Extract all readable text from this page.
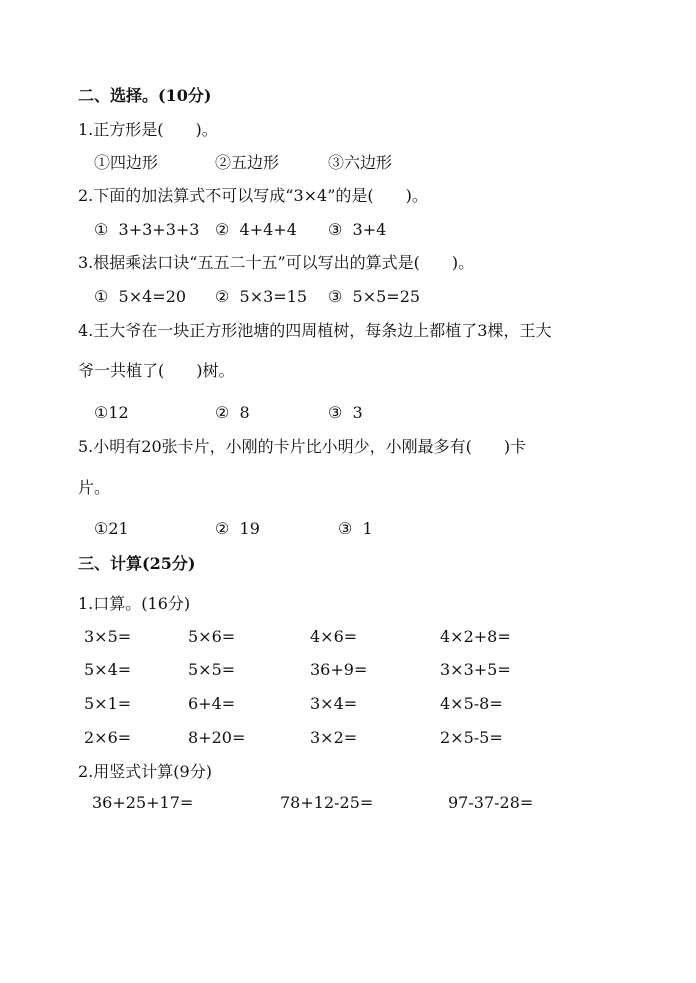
二、选择。(10分)
1.正方形是(　　)。
①四边形	②五边形	③六边形
2.下面的加法算式不可以写成“3×4”的是(　　)。
①  3+3+3+3 ②  4+4+4 ③  3+4
3.根据乘法口诀“五五二十五”可以写出的算式是(　　)。
①  5×4=20 ②  5×3=15 ③  5×5=25
4.王大爷在一块正方形池塘的四周植树，每条边上都植了3棵，王大
爷一共植了(　　)树。
①12	②  8	③  3
5.小明有20张卡片，小刚的卡片比小明少，小刚最多有(　　)卡
片。
①21	②  19	③  1
三、计算(25分)
1.口算。(16分)
3×5=	5×6=	4×6=	4×2+8=
5×4=	5×5=	36+9=	3×3+5=
5×1=	6+4=	3×4=	4×5-8=
2×6=	8+20=	3×2=	2×5-5=
2.用竖式计算(9分)
36+25+17=	78+12-25=	97-37-28=
